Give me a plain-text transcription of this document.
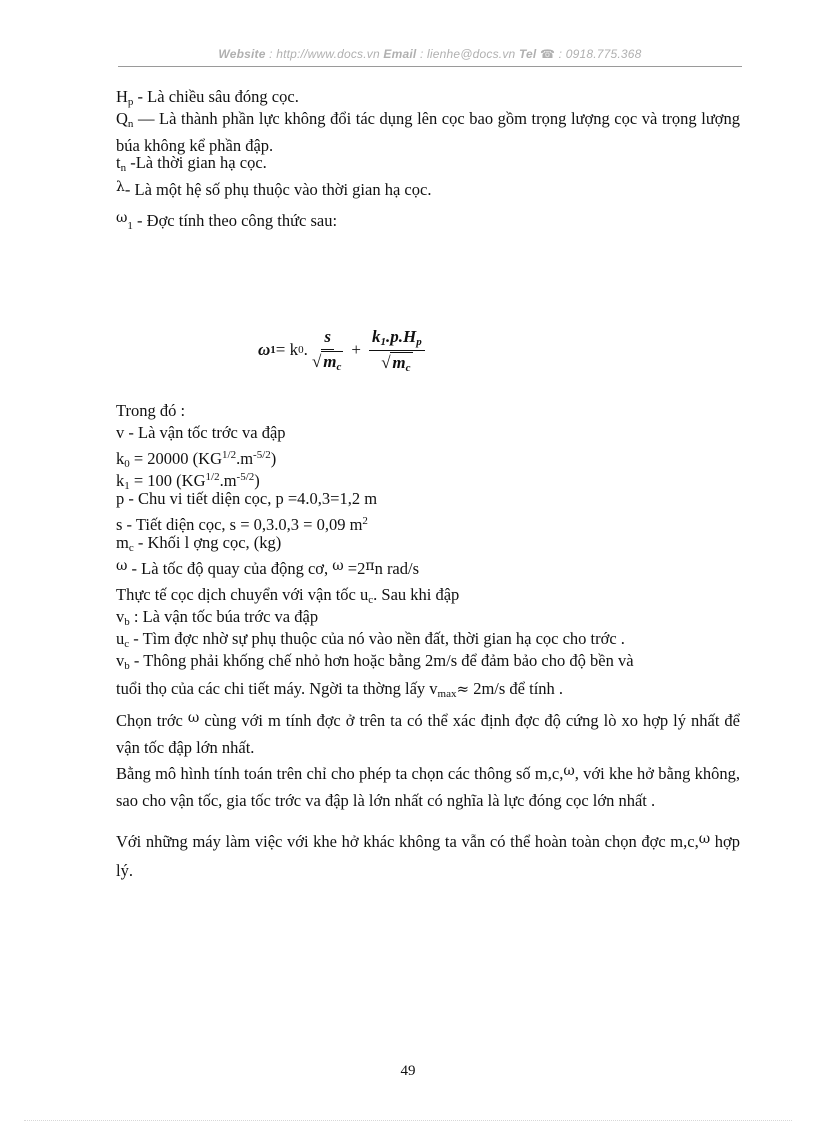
Website : http://www.docs.vn Email : lienhe@docs.vn Tel ☎ : 0918.775.368
$H_p$ - Là chiều sâu đóng cọc.
$Q_n$ — Là thành phần lực không đổi tác dụng lên cọc bao gồm trọng lượng cọc và trọng lượng búa không kể phần đập.
$t_n$ -Là thời gian hạ cọc.
$^\lambda$- Là một hệ số phụ thuộc vào thời gian hạ cọc.
$^\omega_1$ - Đợc tính theo công thức sau:
ω 1 = k 0 . $\frac{s}{√ m_c} + \frac{k_1.p.H_p}{√ m_c}$
Trong đó :
v - Là vận tốc trớc va đập
$k_0 = 20000$ $(KG^{1/2}.m^{-5/2})$
$k_1 = 100$ $(KG^{1/2}.m^{-5/2})$
p - Chu vi tiết diện cọc, p =4.0,3=1,2 m
s - Tiết diện cọc, s = 0,3.0,3 = 0,09 $m^2$
$m_c$ - Khối l ợng cọc, (kg)
$^\omega$ - Là tốc độ quay của động cơ, $^\omega =2^\pi n$ rad/s
Thực tế cọc dịch chuyển với vận tốc $u_c$. Sau khi đập
$v_b$ : Là vận tốc búa trớc va đập
$u_c$ - Tìm đợc nhờ sự phụ thuộc của nó vào nền đất, thời gian hạ cọc cho trớc .
$v_b$ - Thông phải khống chế nhỏ hơn hoặc bằng 2m/s để đảm bảo cho độ bền và
tuổi thọ của các chi tiết máy. Ngời ta thờng lấy $v_{max}\approx 2m/s$ để tính .
Chọn trớc $^\omega$ cùng với m tính đợc ở trên ta có thể xác định đợc độ cứng lò xo hợp lý nhất để vận tốc đập lớn nhất.
Bằng mô hình tính toán trên chỉ cho phép ta chọn các thông số m,c,$^\omega$, với khe hở bằng không, sao cho vận tốc, gia tốc trớc va đập là lớn nhất có nghĩa là lực đóng cọc lớn nhất .
Với những máy làm việc với khe hở khác không ta vẫn có thể hoàn toàn chọn đợc m,c,$^\omega$ hợp lý.
49
